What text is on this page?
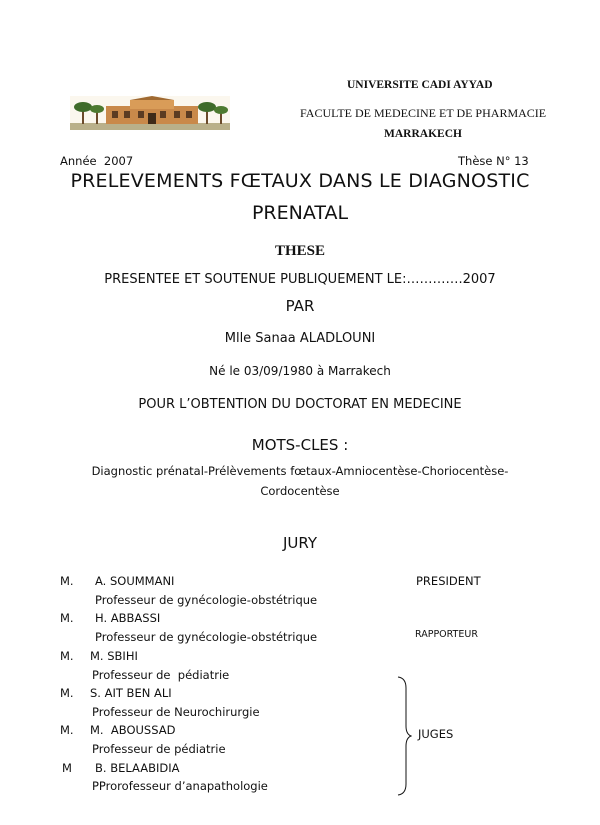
UNIVERSITE CADI AYYAD
FACULTE DE MEDECINE ET DE PHARMACIE
MARRAKECH
Année  2007	Thèse N° 13
PRELEVEMENTS FŒTAUX DANS LE DIAGNOSTIC
PRENATAL
THESE
PRESENTEE ET SOUTENUE PUBLIQUEMENT LE:………….2007
PAR
Mlle Sanaa ALADLOUNI
Né le 03/09/1980 à Marrakech
POUR L’OBTENTION DU DOCTORAT EN MEDECINE
MOTS-CLES :
Diagnostic prénatal-Prélèvements fœtaux-Amniocentèse-Choriocentèse-
Cordocentèse
JURY
M. A. SOUMMANI
Professeur de gynécologie-obstétrique
PRESIDENT
M. H. ABBASSI
Professeur de gynécologie-obstétrique	RAPPORTEUR
M. M. SBIHI
Professeur de  pédiatrie
M. S. AIT BEN ALI
Professeur de Neurochirurgie
M. M.  ABOUSSAD
Professeur de pédiatrie
M B. BELAABIDIA
PProrofesseur d’anapathologie
JUGES
